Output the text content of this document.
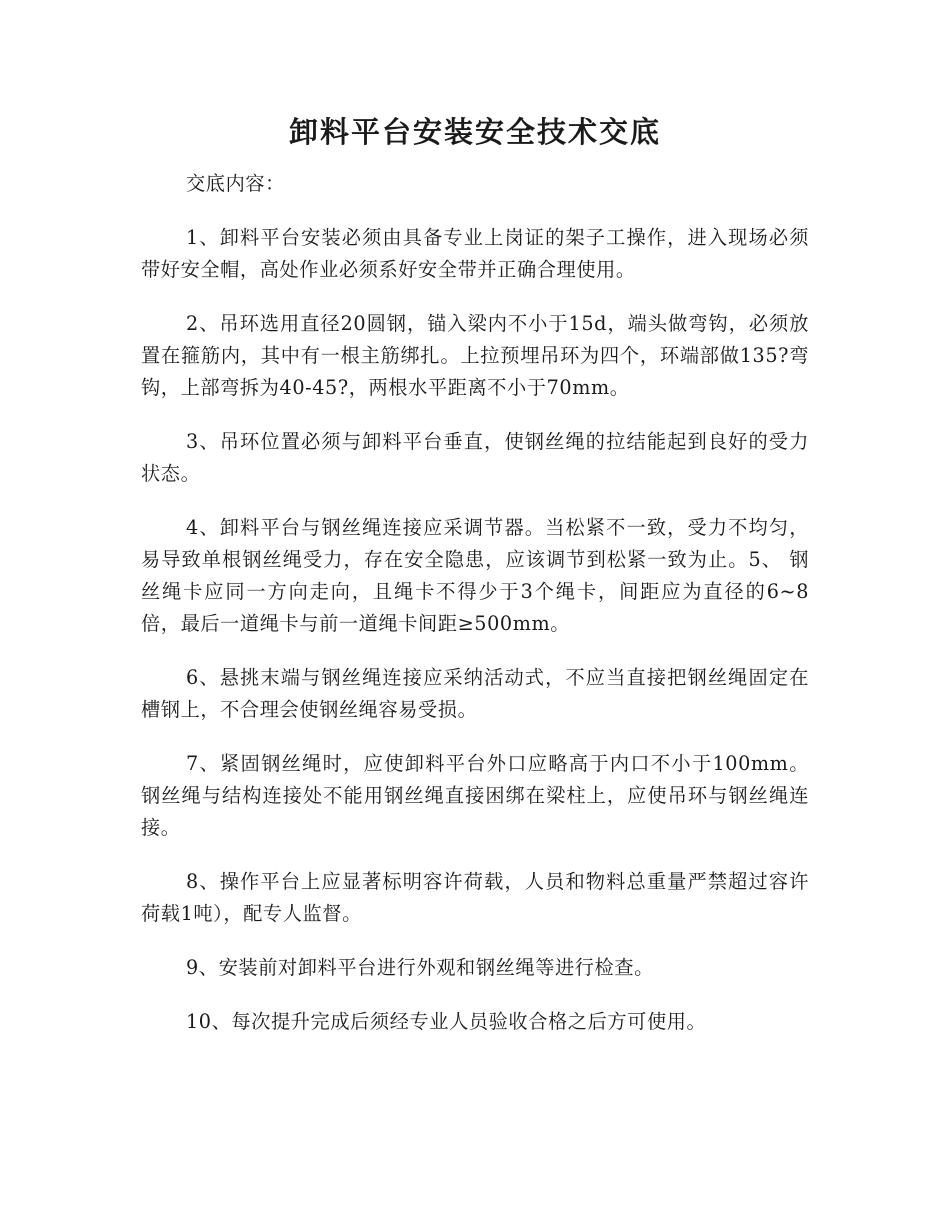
卸料平台安装安全技术交底

交底内容：

1、卸料平台安装必须由具备专业上岗证的架子工操作，进入现场必须带好安全帽，高处作业必须系好安全带并正确合理使用。

2、吊环选用直径20圆钢，锚入梁内不小于15d，端头做弯钩，必须放置在箍筋内，其中有一根主筋绑扎。上拉预埋吊环为四个，环端部做135?弯钩，上部弯拆为40-45?，两根水平距离不小于70mm。

3、吊环位置必须与卸料平台垂直，使钢丝绳的拉结能起到良好的受力状态。

4、卸料平台与钢丝绳连接应采调节器。当松紧不一致，受力不均匀，易导致单根钢丝绳受力，存在安全隐患，应该调节到松紧一致为止。5、 钢丝绳卡应同一方向走向，且绳卡不得少于3个绳卡，间距应为直径的6~8倍，最后一道绳卡与前一道绳卡间距≥500mm。

6、悬挑末端与钢丝绳连接应采纳活动式，不应当直接把钢丝绳固定在槽钢上，不合理会使钢丝绳容易受损。

7、紧固钢丝绳时，应使卸料平台外口应略高于内口不小于100mm。钢丝绳与结构连接处不能用钢丝绳直接困绑在梁柱上，应使吊环与钢丝绳连接。

8、操作平台上应显著标明容许荷载，人员和物料总重量严禁超过容许荷载1吨），配专人监督。

9、安装前对卸料平台进行外观和钢丝绳等进行检查。

10、每次提升完成后须经专业人员验收合格之后方可使用。
